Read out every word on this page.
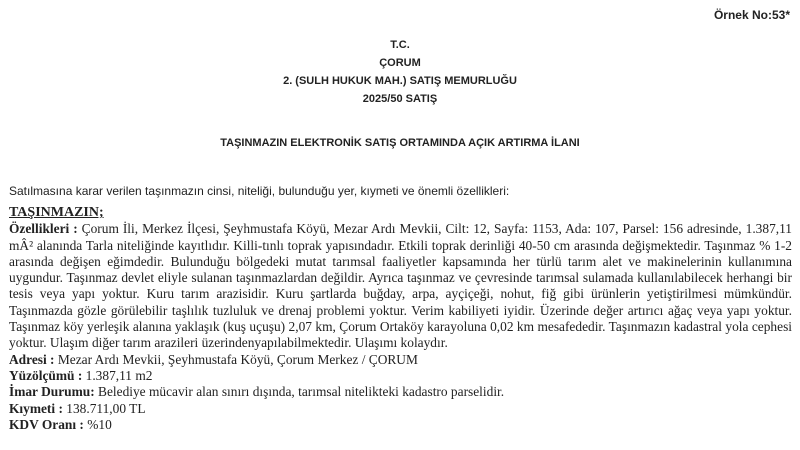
Örnek No:53*
T.C.
ÇORUM
2. (SULH HUKUK MAH.) SATIŞ MEMURLUĞU
2025/50 SATIŞ
TAŞINMAZIN ELEKTRONİK SATIŞ ORTAMINDA AÇIK ARTIRMA İLANI
Satılmasına karar verilen taşınmazın cinsi, niteliği, bulunduğu yer, kıymeti ve önemli özellikleri:
TAŞINMAZIN;

Özellikleri : Çorum İli, Merkez İlçesi, Şeyhmustafa Köyü, Mezar Ardı Mevkii, Cilt: 12, Sayfa: 1153, Ada: 107, Parsel: 156 adresinde, 1.387,11 mÂ² alanında Tarla niteliğinde kayıtlıdır. Killi-tınlı toprak yapısındadır. Etkili toprak derinliği 40-50 cm arasında değişmektedir. Taşınmaz % 1-2 arasında değişen eğimdedir. Bulunduğu bölgedeki mutat tarımsal faaliyetler kapsamında her türlü tarım alet ve makinelerinin kullanımına uygundur. Taşınmaz devlet eliyle sulanan taşınmazlardan değildir. Ayrıca taşınmaz ve çevresinde tarımsal sulamada kullanılabilecek herhangi bir tesis veya yapı yoktur. Kuru tarım arazisidir. Kuru şartlarda buğday, arpa, ayçiçeği, nohut, fiğ gibi ürünlerin yetiştirilmesi mümkündür. Taşınmazda gözle görülebilir taşlılık tuzluluk ve drenaj problemi yoktur. Verim kabiliyeti iyidir. Üzerinde değer artırıcı ağaç veya yapı yoktur. Taşınmaz köy yerleşik alanına yaklaşık (kuş uçuşu) 2,07 km, Çorum Ortaköy karayoluna 0,02 km mesafededir. Taşınmazın kadastral yola cephesi yoktur. Ulaşım diğer tarım arazileri üzerindenyapılabilmektedir. Ulaşımı kolaydır.

Adresi : Mezar Ardı Mevkii, Şeyhmustafa Köyü, Çorum Merkez / ÇORUM

Yüzölçümü : 1.387,11 m2

İmar Durumu: Belediye mücavir alan sınırı dışında, tarımsal nitelikteki kadastro parselidir.

Kıymeti : 138.711,00 TL

KDV Oranı : %10
